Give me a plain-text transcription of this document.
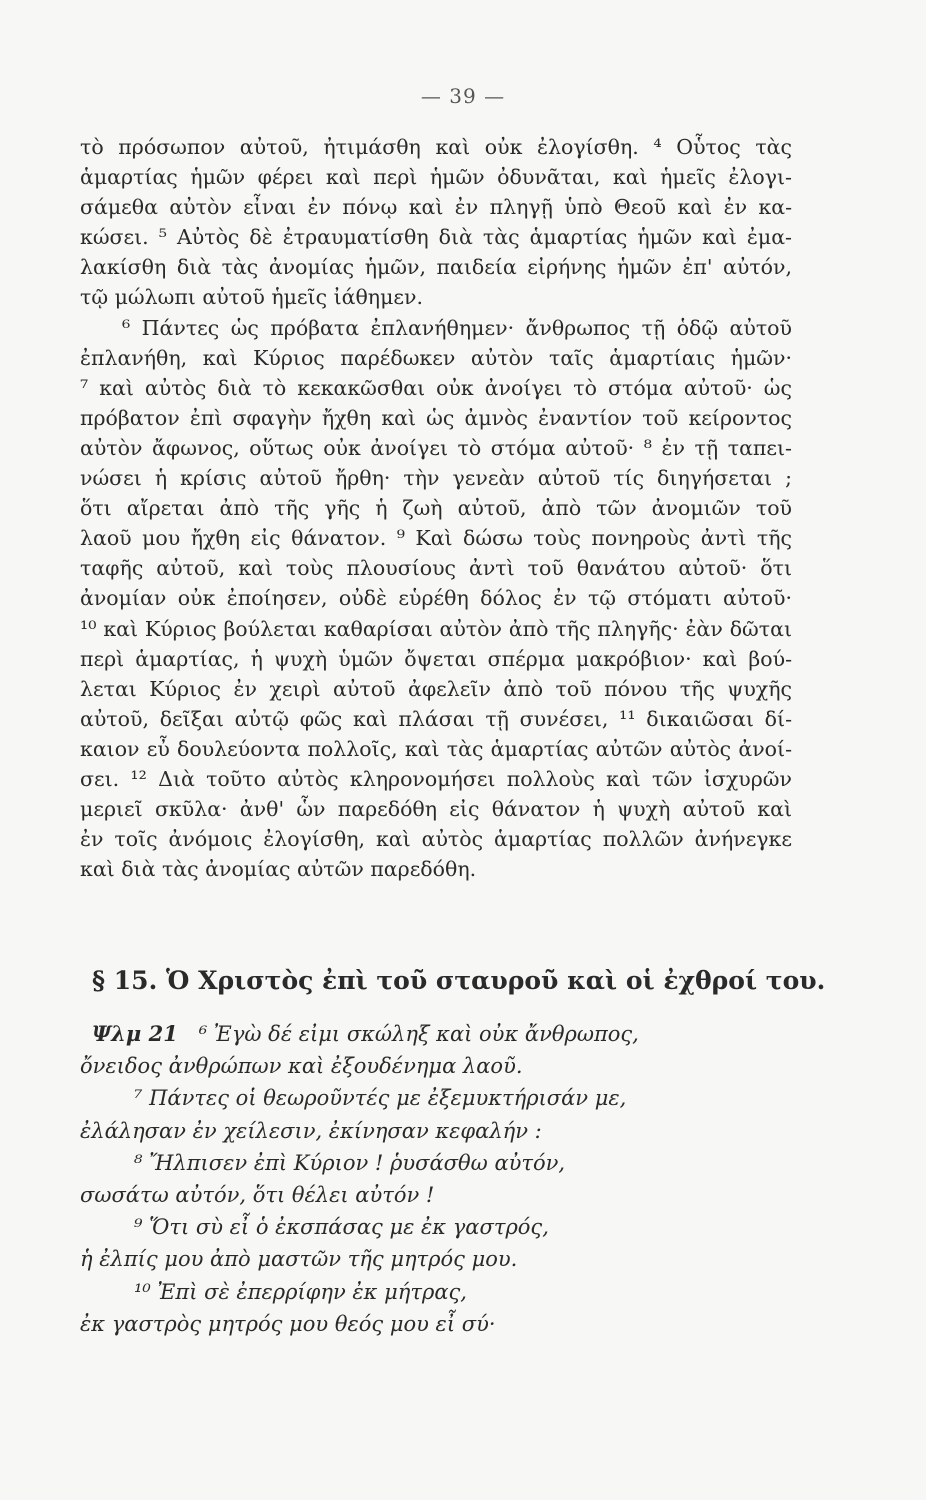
— 39 —
τὸ πρόσωπον αὐτοῦ, ἠτιμάσθη καὶ οὐκ ἐλογίσθη. ⁴ Οὗτος τὰς
ἁμαρτίας ἡμῶν φέρει καὶ περὶ ἡμῶν ὀδυνᾶται, καὶ ἡμεῖς ἐλογι-
σάμεθα αὐτὸν εἶναι ἐν πόνῳ καὶ ἐν πληγῇ ὑπὸ Θεοῦ καὶ ἐν κα-
κώσει. ⁵ Αὐτὸς δὲ ἐτραυματίσθη διὰ τὰς ἁμαρτίας ἡμῶν καὶ ἐμα-
λακίσθη διὰ τὰς ἀνομίας ἡμῶν, παιδεία εἰρήνης ἡμῶν ἐπ' αὐτόν,
τῷ μώλωπι αὐτοῦ ἡμεῖς ἰάθημεν.
⁶ Πάντες ὡς πρόβατα ἐπλανήθημεν· ἄνθρωπος τῇ ὁδῷ αὐτοῦ
ἐπλανήθη, καὶ Κύριος παρέδωκεν αὐτὸν ταῖς ἁμαρτίαις ἡμῶν·
⁷ καὶ αὐτὸς διὰ τὸ κεκακῶσθαι οὐκ ἀνοίγει τὸ στόμα αὐτοῦ· ὡς
πρόβατον ἐπὶ σφαγὴν ἤχθη καὶ ὡς ἀμνὸς ἐναντίον τοῦ κείροντος
αὐτὸν ἄφωνος, οὕτως οὐκ ἀνοίγει τὸ στόμα αὐτοῦ· ⁸ ἐν τῇ ταπει-
νώσει ἡ κρίσις αὐτοῦ ἤρθη· τὴν γενεὰν αὐτοῦ τίς διηγήσεται ;
ὅτι αἴρεται ἀπὸ τῆς γῆς ἡ ζωὴ αὐτοῦ, ἀπὸ τῶν ἀνομιῶν τοῦ
λαοῦ μου ἤχθη εἰς θάνατον. ⁹ Καὶ δώσω τοὺς πονηροὺς ἀντὶ τῆς
ταφῆς αὐτοῦ, καὶ τοὺς πλουσίους ἀντὶ τοῦ θανάτου αὐτοῦ· ὅτι
ἀνομίαν οὐκ ἐποίησεν, οὐδὲ εὑρέθη δόλος ἐν τῷ στόματι αὐτοῦ·
¹⁰ καὶ Κύριος βούλεται καθαρίσαι αὐτὸν ἀπὸ τῆς πληγῆς· ἐὰν δῶται
περὶ ἁμαρτίας, ἡ ψυχὴ ὑμῶν ὄψεται σπέρμα μακρόβιον· καὶ βού-
λεται Κύριος ἐν χειρὶ αὐτοῦ ἀφελεῖν ἀπὸ τοῦ πόνου τῆς ψυχῆς
αὐτοῦ, δεῖξαι αὐτῷ φῶς καὶ πλάσαι τῇ συνέσει, ¹¹ δικαιῶσαι δί-
καιον εὖ δουλεύοντα πολλοῖς, καὶ τὰς ἁμαρτίας αὐτῶν αὐτὸς ἀνοί-
σει. ¹² Διὰ τοῦτο αὐτὸς κληρονομήσει πολλοὺς καὶ τῶν ἰσχυρῶν
μεριεῖ σκῦλα· ἀνθ' ὧν παρεδόθη εἰς θάνατον ἡ ψυχὴ αὐτοῦ καὶ
ἐν τοῖς ἀνόμοις ἐλογίσθη, καὶ αὐτὸς ἁμαρτίας πολλῶν ἀνήνεγκε
καὶ διὰ τὰς ἀνομίας αὐτῶν παρεδόθη.
§ 15. Ὁ Χριστὸς ἐπὶ τοῦ σταυροῦ καὶ οἱ ἐχθροί του.
Ψλμ 21  ⁶ Ἐγὼ δέ εἰμι σκώληξ καὶ οὐκ ἄνθρωπος,
ὄνειδος ἀνθρώπων καὶ ἐξουδένημα λαοῦ.
⁷ Πάντες οἱ θεωροῦντές με ἐξεμυκτήρισάν με,
ἐλάλησαν ἐν χείλεσιν, ἐκίνησαν κεφαλήν :
⁸ Ἤλπισεν ἐπὶ Κύριον ! ῥυσάσθω αὐτόν,
σωσάτω αὐτόν, ὅτι θέλει αὐτόν !
⁹ Ὅτι σὺ εἶ ὁ ἐκσπάσας με ἐκ γαστρός,
ἡ ἐλπίς μου ἀπὸ μαστῶν τῆς μητρός μου.
¹⁰ Ἐπὶ σὲ ἐπερρίφην ἐκ μήτρας,
ἐκ γαστρὸς μητρός μου θεός μου εἶ σύ·
